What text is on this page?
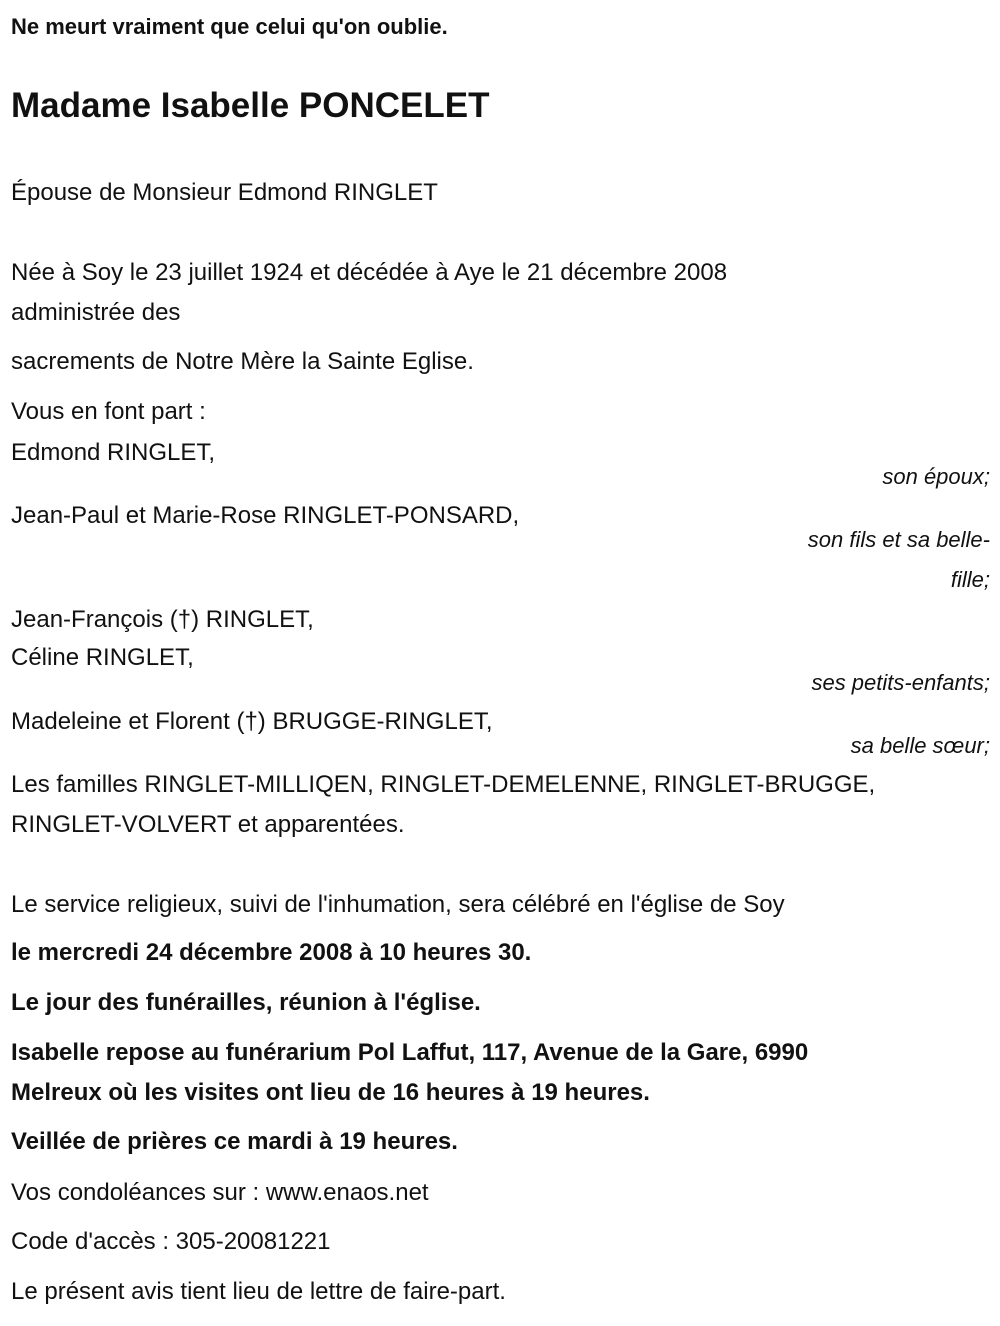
Ne meurt vraiment que celui qu'on oublie.
Madame Isabelle PONCELET
Épouse de Monsieur Edmond RINGLET
Née à Soy le 23 juillet 1924 et décédée à Aye le 21 décembre 2008
administrée des
sacrements de Notre Mère la Sainte Eglise.
Vous en font part :
Edmond RINGLET,
son époux;
Jean-Paul et Marie-Rose RINGLET-PONSARD,
son fils et sa belle-
fille;
Jean-François (†) RINGLET,
Céline RINGLET,
ses petits-enfants;
Madeleine et Florent (†) BRUGGE-RINGLET,
sa belle sœur;
Les familles RINGLET-MILLIQEN, RINGLET-DEMELENNE, RINGLET-BRUGGE,
RINGLET-VOLVERT et apparentées.
Le service religieux, suivi de l'inhumation, sera célébré en l'église de Soy
le mercredi 24 décembre 2008 à 10 heures 30.
Le jour des funérailles, réunion à l'église.
Isabelle repose au funérarium Pol Laffut, 117, Avenue de la Gare, 6990
Melreux où les visites ont lieu de 16 heures à 19 heures.
Veillée de prières ce mardi à 19 heures.
Vos condoléances sur : www.enaos.net
Code d'accès : 305-20081221
Le présent avis tient lieu de lettre de faire-part.
